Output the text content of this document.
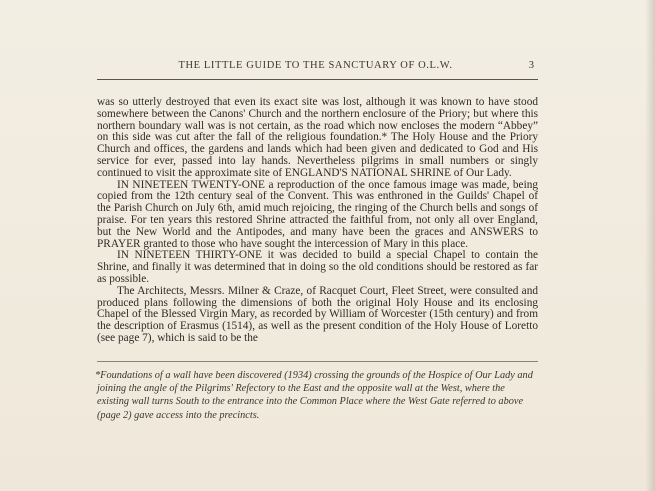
THE LITTLE GUIDE TO THE SANCTUARY OF O.L.W.	3

was so utterly destroyed that even its exact site was lost, although it was known to have stood somewhere between the Canons' Church and the northern enclosure of the Priory; but where this northern boundary wall was is not certain, as the road which now encloses the modern “Abbey” on this side was cut after the fall of the religious foundation.* The Holy House and the Priory Church and offices, the gardens and lands which had been given and dedicated to God and His service for ever, passed into lay hands. Nevertheless pilgrims in small numbers or singly continued to visit the approximate site of ENGLAND'S NATIONAL SHRINE of Our Lady.

IN NINETEEN TWENTY-ONE a reproduction of the once famous image was made, being copied from the 12th century seal of the Convent. This was enthroned in the Guilds' Chapel of the Parish Church on July 6th, amid much rejoicing, the ringing of the Church bells and songs of praise. For ten years this restored Shrine attracted the faithful from, not only all over England, but the New World and the Antipodes, and many have been the graces and ANSWERS to PRAYER granted to those who have sought the intercession of Mary in this place.

IN NINETEEN THIRTY-ONE it was decided to build a special Chapel to contain the Shrine, and finally it was determined that in doing so the old conditions should be restored as far as possible.

The Architects, Messrs. Milner & Craze, of Racquet Court, Fleet Street, were consulted and produced plans following the dimensions of both the original Holy House and its enclosing Chapel of the Blessed Virgin Mary, as recorded by William of Worcester (15th century) and from the description of Erasmus (1514), as well as the present condition of the Holy House of Loretto (see page 7), which is said to be the

*Foundations of a wall have been discovered (1934) crossing the grounds of the Hospice of Our Lady and joining the angle of the Pilgrims' Refectory to the East and the opposite wall at the West, where the existing wall turns South to the entrance into the Common Place where the West Gate referred to above (page 2) gave access into the precincts.
